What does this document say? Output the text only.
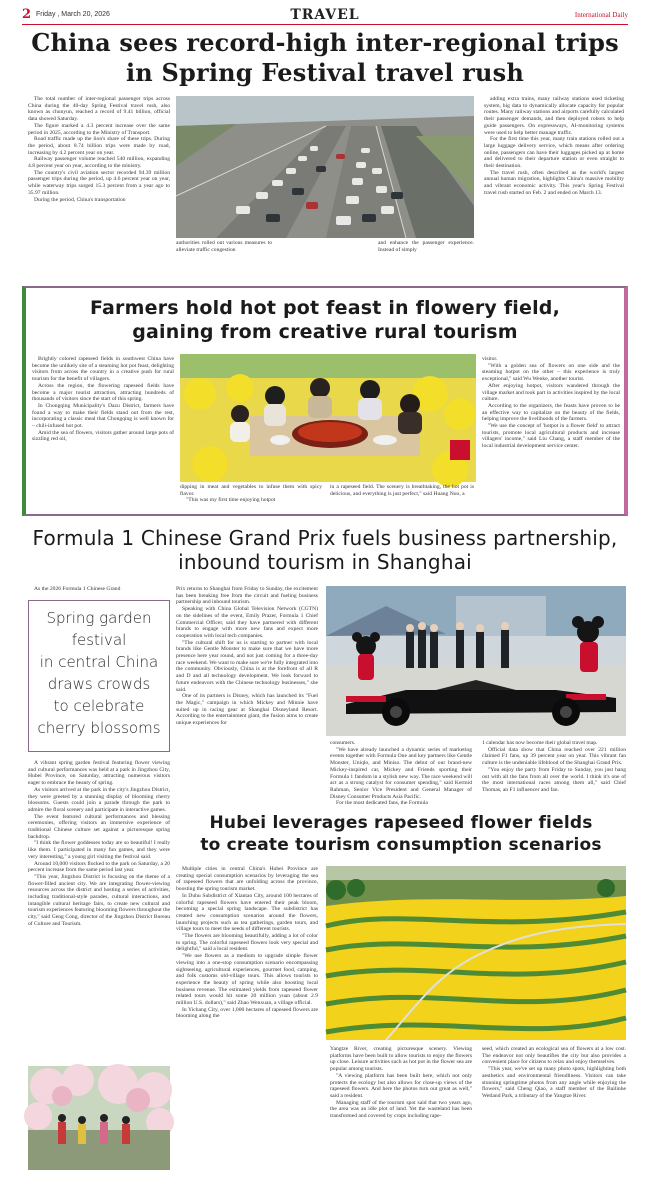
2 Friday , March 20, 2026	TRAVEL	International Daily
China sees record-high inter-regional trips
in Spring Festival travel rush

The total number of inter-regional passenger trips across China during the 40-day Spring Festival travel rush, also known as chunyun, reached a record of 9.41 billion, official data showed Saturday.

The figure marked a 4.3 percent increase over the same period in 2025, according to the Ministry of Transport.

Road traffic made up the lion's share of these trips. During the period, about 8.74 billion trips were made by road, increasing by 4.2 percent year on year.

Railway passenger volume reached 540 million, expanding 4.8 percent year on year, according to the ministry.

The country's civil aviation sector recorded 94.39 million passenger trips during the period, up 4.6 percent year on year, while waterway trips surged 15.3 percent from a year ago to 35.97 million.

During the period, China's transportation

authorities rolled out various measures to alleviate traffic congestion

and enhance the passenger experience. Instead of simply

adding extra trains, many railway stations used ticketing system, big data to dynamically allocate capacity for popular routes. Many railway stations and airports carefully calculated their passenger demands, and then deployed robots to help guide passengers. On expressways, AI-monitoring systems were used to help better manage traffic.

For the first time this year, many train stations rolled out a large luggage delivery service, which means after ordering online, passengers can have their luggages picked up at home and delivered to their departure station or even straight to their destination.

The travel rush, often described as the world's largest annual human migration, highlights China's massive mobility and vibrant economic activity. This year's Spring Festival travel rush started on Feb. 2 and ended on March 13.

Farmers hold hot pot feast in flowery field,
gaining from creative rural tourism

Brightly colored rapeseed fields in southwest China have become the unlikely site of a steaming hot pot feast, delighting visitors from across the country in a creative push for rural tourism for the benefit of villagers.

Across the region, the flowering rapeseed fields have become a major tourist attraction, attracting hundreds of thousands of visitors since the start of this spring.

In Chongqing Municipality's Dazu District, farmers have found a way to make their fields stand out from the rest, incorporating a classic meal that Chongqing is well known for – chili-infused hot pot.

Amid the sea of flowers, visitors gather around large pots of sizzling red oil,

dipping in meat and vegetables to infuse them with spicy flavor.

"This was my first time enjoying hotpot

in a rapeseed field. The scenery is breathtaking, the hot pot is delicious, and everything is just perfect," said Huang Nuo, a

visitor.

"With a golden sea of flowers on one side and the steaming hotpot on the other – this experience is truly exceptional," said Wu Wenke, another tourist.

After enjoying hotpot, visitors wandered through the village market and took part in activities inspired by the local culture.

According to the organizers, the feasts have proven to be an effective way to capitalize on the beauty of the fields, helping improve the livelihoods of the farmers.

"We use the concept of 'hotpot in a flower field' to attract tourists, promote local agricultural products and increase villagers' income," said Liu Chang, a staff member of the local industrial development service center.

Formula 1 Chinese Grand Prix fuels business partnership,
inbound tourism in Shanghai

As the 2026 Formula 1 Chinese Grand	Prix returns to Shanghai from Friday to Sunday, the excitement has been breaking free from the circuit and fueling business partnership and inbound tourism.

Speaking with China Global Television Network (CGTN) on the sidelines of the event, Emily Prazer, Formula 1 Chief Commercial Officer, said they have partnered with different brands to engage with more new fans and expect more cooperation with local tech companies.

"The cultural shift for us is starting to partner with local brands like Gentle Monster to make sure that we have more presence here year round, and not just coming for a three-day race weekend. We want to make sure we're fully integrated into the community. Obviously, China is at the forefront of all R and D and all technology development. We look forward to future endeavors with the Chinese technology businesses," she said.

One of its partners is Disney, which has launched its "Fuel the Magic," campaign in which Mickey and Minnie have suited up in racing gear at Shanghai Disneyland Resort. According to the entertainment giant, the fusion aims to create unique experiences for

consumers.

"We have already launched a dynamic series of marketing events together with Formula One and key partners like Gentle Monster, Uniqlo, and Miniso. The debut of our brand-new Mickey-inspired car, Mickey and Friends sporting their Formula 1 fandom in a stylish new way. The race weekend will act as a strong catalyst for consumer spending," said Kermid Rahman, Senior Vice President and General Manager of Disney Consumer Products Asia Pacific.

For the most dedicated fans, the Formula

1 calendar has now become their global travel map.

Official data show that China reached over 221 million claimed F1 fans, up 39 percent year on year. This vibrant fan culture is the undeniable lifeblood of the Shanghai Grand Prix.

"You enjoy the party from Friday to Sunday, you just hang out with all the fans from all over the world. I think it's one of the most international races among them all," said Chief Thomas, an F1 influencer and fan.

Spring garden
festival
in central China
draws crowds
to celebrate
cherry blossoms

A vibrant spring garden festival featuring flower viewing and cultural performances was held at a park in Jingzhou City, Hubei Province, on Saturday, attracting numerous visitors eager to embrace the beauty of spring.

As visitors arrived at the park in the city's Jingzhou District, they were greeted by a stunning display of blooming cherry blossoms. Guests could join a parade through the park to admire the floral scenery and participate in interactive games.

The event featured cultural performances and blessing ceremonies, offering visitors an immersive experience of traditional Chinese culture set against a picturesque spring backdrop.

"I think the flower goddesses today are so beautiful! I really like them. I participated in many fun games, and they were very interesting," a young girl visiting the festival said.

Around 10,000 visitors flocked to the park on Saturday, a 20 percent increase from the same period last year.

"This year, Jingzhou District is focusing on the theme of a flower-filled ancient city. We are integrating flower-viewing resources across the district and hosting a series of activities, including traditional-style parades, cultural interactions, and intangible cultural heritage fairs, to create new cultural and tourism experiences featuring blooming flowers throughout the city," said Geng Cong, director of the Jingzhou District Bureau of Culture and Tourism.

Hubei leverages rapeseed flower fields
to create tourism consumption scenarios

Multiple cities in central China's Hubei Province are creating special consumption scenarios by leveraging the sea of rapeseed flowers that are unfolding across the province, boosting the spring tourism market.

In Duhu Subdistrict of Xiantao City, around 100 hectares of colorful rapeseed flowers have entered their peak bloom, becoming a special spring landscape. The subdistrict has created new consumption scenarios around the flowers, launching projects such as tea gatherings, garden tours, and village tours to meet the needs of different tourists.

"The flowers are blooming beautifully, adding a lot of color to spring. The colorful rapeseed flowers look very special and delightful," said a local resident.

"We use flowers as a medium to upgrade simple flower viewing into a one-stop consumption scenario encompassing sightseeing, agricultural experiences, gourmet food, camping, and folk customs old-village tours. This allows tourists to experience the beauty of spring while also boosting local business revenue. The estimated yields from rapeseed flower related tours would hit some 20 million yuan (about 2.9 million U.S. dollars)," said Zhao Wenxuan, a village official.

In Yichang City, over 1,000 hectares of rapeseed flowers are blooming along the

Yangtze River, creating picturesque scenery. Viewing platforms have been built to allow tourists to enjoy the flowers up close. Leisure activities such as hot pot in the flower sea are popular among tourists.

"A viewing platform has been built here, which not only protects the ecology but also allows for close-up views of the rapeseed flowers. And here the photos turn out great as well," said a resident.

Managing staff of the tourism spot said that two years ago, the area was an idle plot of land. Yet the wasteland has been transformed and covered by crops including rape-

seed, which created an ecological sea of flowers at a low cost. The endeavor not only beautifies the city but also provides a convenient place for citizens to relax and enjoy themselves.

"This year, we've set up many photo spots, highlighting both aesthetics and environmental friendliness. Visitors can take stunning springtime photos from any angle while enjoying the flowers," said Cheng Qiao, a staff member of the Bailinhe Wetland Park, a tributary of the Yangtze River.
